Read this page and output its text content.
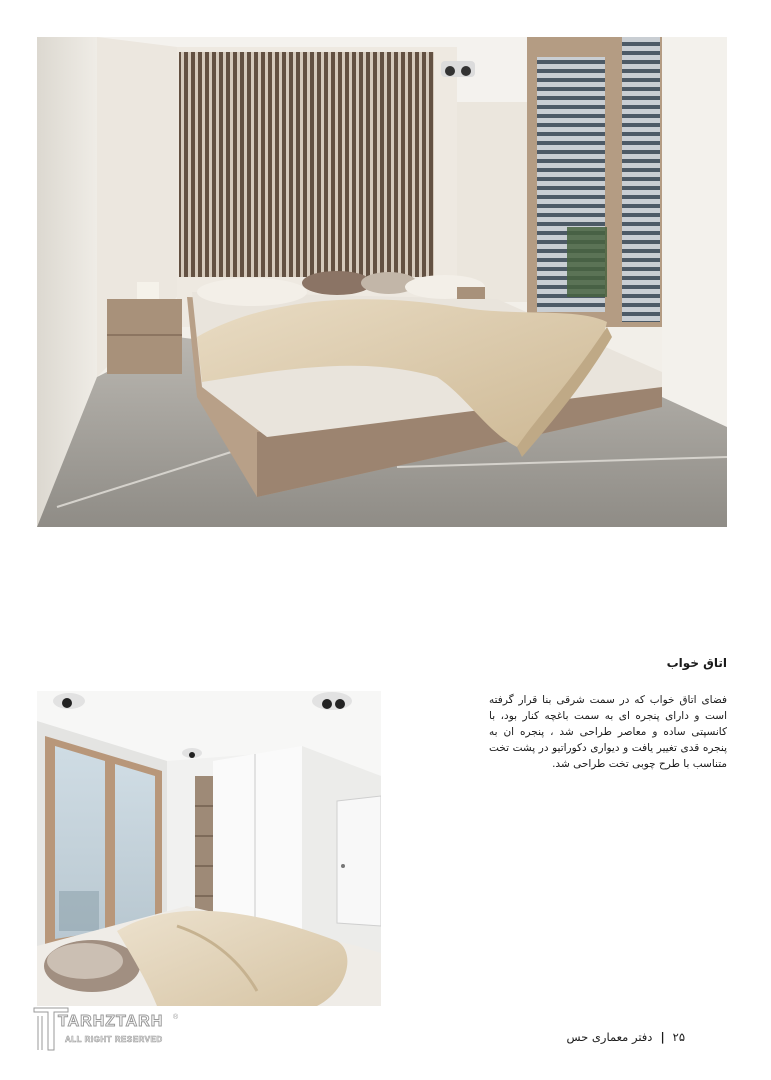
اتاق خواب
فضای اتاق خواب که در سمت شرقی بنا قرار گرفته است و دارای پنجره ای به سمت باغچه کنار بود، با کانسپتی ساده و معاصر طراحی شد ، پنجره ان به پنجره قدی تغییر یافت و دیواری دکوراتیو در پشت تخت متناسب با طرح چوبی تخت طراحی شد.
TARHZTARH
ALL RIGHT RESERVED
®
۲۵
|
دفتر معماری حس
